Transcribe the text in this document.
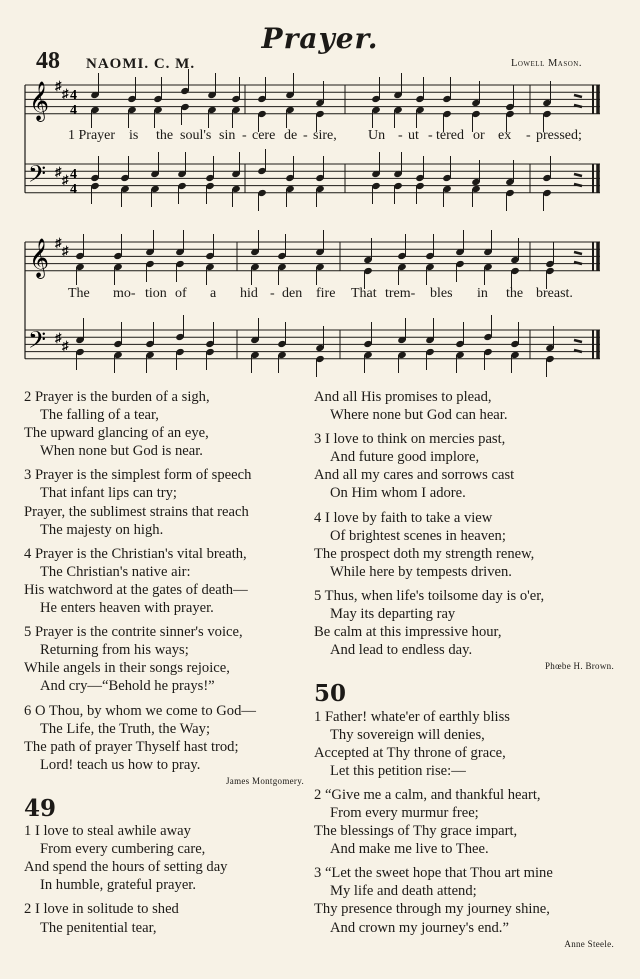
Prayer.
48 NAOMI. C. M.	Lowell Mason.
𝄞
𝄢
♯
♯ 4
4
♯
♯ 4
4
𝄞
𝄢
♯
♯
♯
♯
1 Prayer is the soul's sin - cere de - sire, Un - ut - tered or ex - pressed;
The mo- tion of a hid - den fire That trem- bles in the breast.
2 Prayer is the burden of a sigh,
The falling of a tear,
The upward glancing of an eye,
When none but God is near.
3 Prayer is the simplest form of speech
That infant lips can try;
Prayer, the sublimest strains that reach
The majesty on high.
4 Prayer is the Christian's vital breath,
The Christian's native air:
His watchword at the gates of death—
He enters heaven with prayer.
5 Prayer is the contrite sinner's voice,
Returning from his ways;
While angels in their songs rejoice,
And cry—“Behold he prays!”
6 O Thou, by whom we come to God—
The Life, the Truth, the Way;
The path of prayer Thyself hast trod;
Lord! teach us how to pray.
James Montgomery.
49
1 I love to steal awhile away
From every cumbering care,
And spend the hours of setting day
In humble, grateful prayer.
2 I love in solitude to shed
The penitential tear,
And all His promises to plead,
Where none but God can hear.
3 I love to think on mercies past,
And future good implore,
And all my cares and sorrows cast
On Him whom I adore.
4 I love by faith to take a view
Of brightest scenes in heaven;
The prospect doth my strength renew,
While here by tempests driven.
5 Thus, when life's toilsome day is o'er,
May its departing ray
Be calm at this impressive hour,
And lead to endless day.
Phœbe H. Brown.
50
1 Father! whate'er of earthly bliss
Thy sovereign will denies,
Accepted at Thy throne of grace,
Let this petition rise:—
2 “Give me a calm, and thankful heart,
From every murmur free;
The blessings of Thy grace impart,
And make me live to Thee.
3 “Let the sweet hope that Thou art mine
My life and death attend;
Thy presence through my journey shine,
And crown my journey's end.”
Anne Steele.
